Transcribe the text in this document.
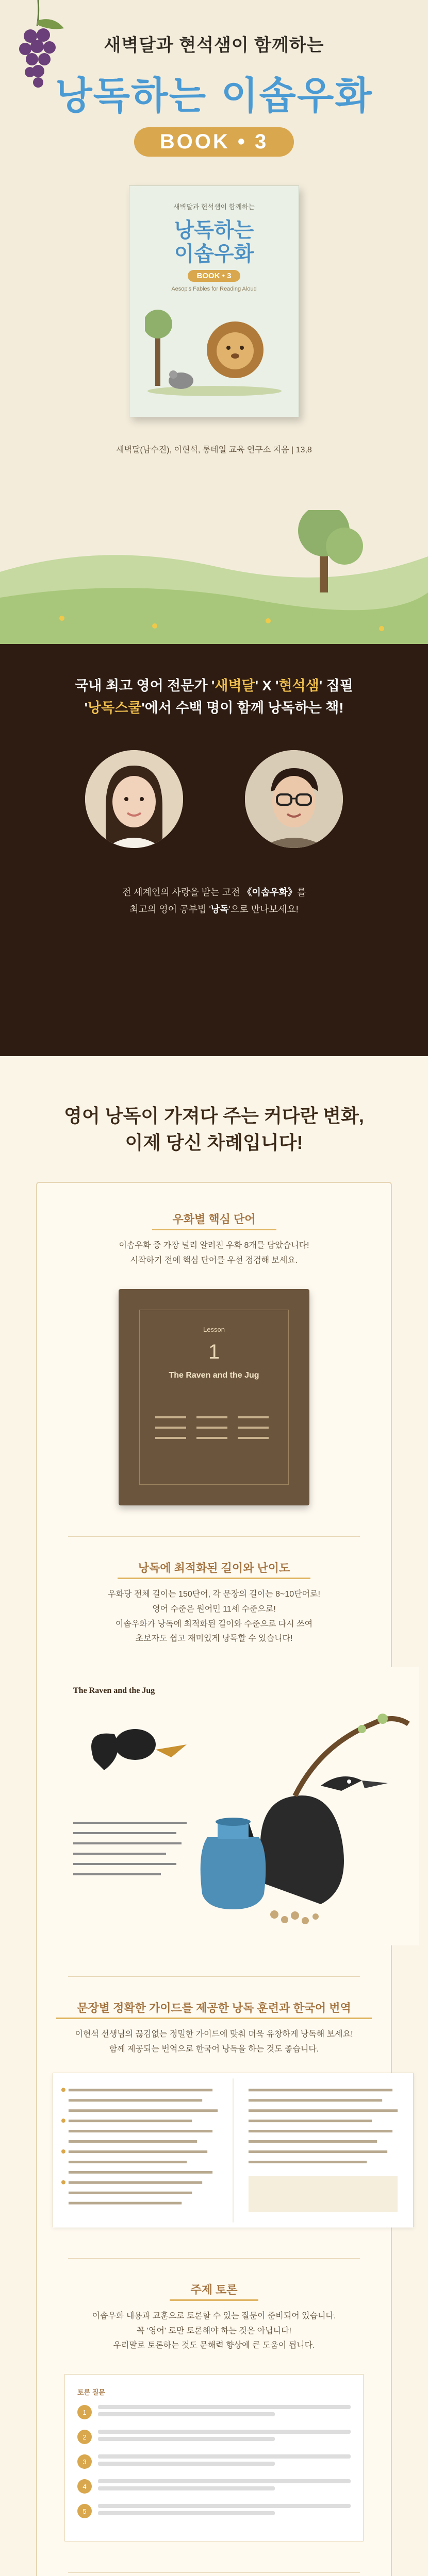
새벽달과 현석샘이 함께하는
낭독하는 이솝우화
BOOK • 3
새벽달과 현석샘이 함께하는
낭독하는
이솝우화
BOOK • 3
Aesop's Fables for Reading Aloud
새벽달(남수진), 이현석, 롱테일 교육 연구소 지음 | 13,8
국내 최고 영어 전문가 '새벽달' X '현석샘' 집필
'낭독스쿨'에서 수백 명이 함께 낭독하는 책!
전 세계인의 사랑을 받는 고전 《이솝우화》를
최고의 영어 공부법 '낭독'으로 만나보세요!
영어 낭독이 가져다 주는 커다란 변화,
이제 당신 차례입니다!
우화별 핵심 단어
이솝우화 중 가장 널리 알려진 우화 8개를 담았습니다!
시작하기 전에 핵심 단어를 우선 점검해 보세요.
Lesson
1
The Raven and the Jug
낭독에 최적화된 길이와 난이도
우화당 전체 길이는 150단어, 각 문장의 길이는 8~10단어로!
영어 수준은 원어민 11세 수준으로!
이솝우화가 낭독에 최적화된 길이와 수준으로 다시 쓰여
초보자도 쉽고 재미있게 낭독할 수 있습니다!
The Raven and the Jug
문장별 정확한 가이드를 제공한 낭독 훈련과 한국어 번역
이현석 선생님의 끊김없는 정밀한 가이드에 맞춰 더욱 유창하게 낭독해 보세요!
함께 제공되는 번역으로 한국어 낭독을 하는 것도 좋습니다.
주제 토론
이솝우화 내용과 교훈으로 토론할 수 있는 질문이 준비되어 있습니다.
꼭 '영어' 로만 토론해야 하는 것은 아닙니다!
우리말로 토론하는 것도 문해력 향상에 큰 도움이 됩니다.
토론 질문
1
2
3
4
5
